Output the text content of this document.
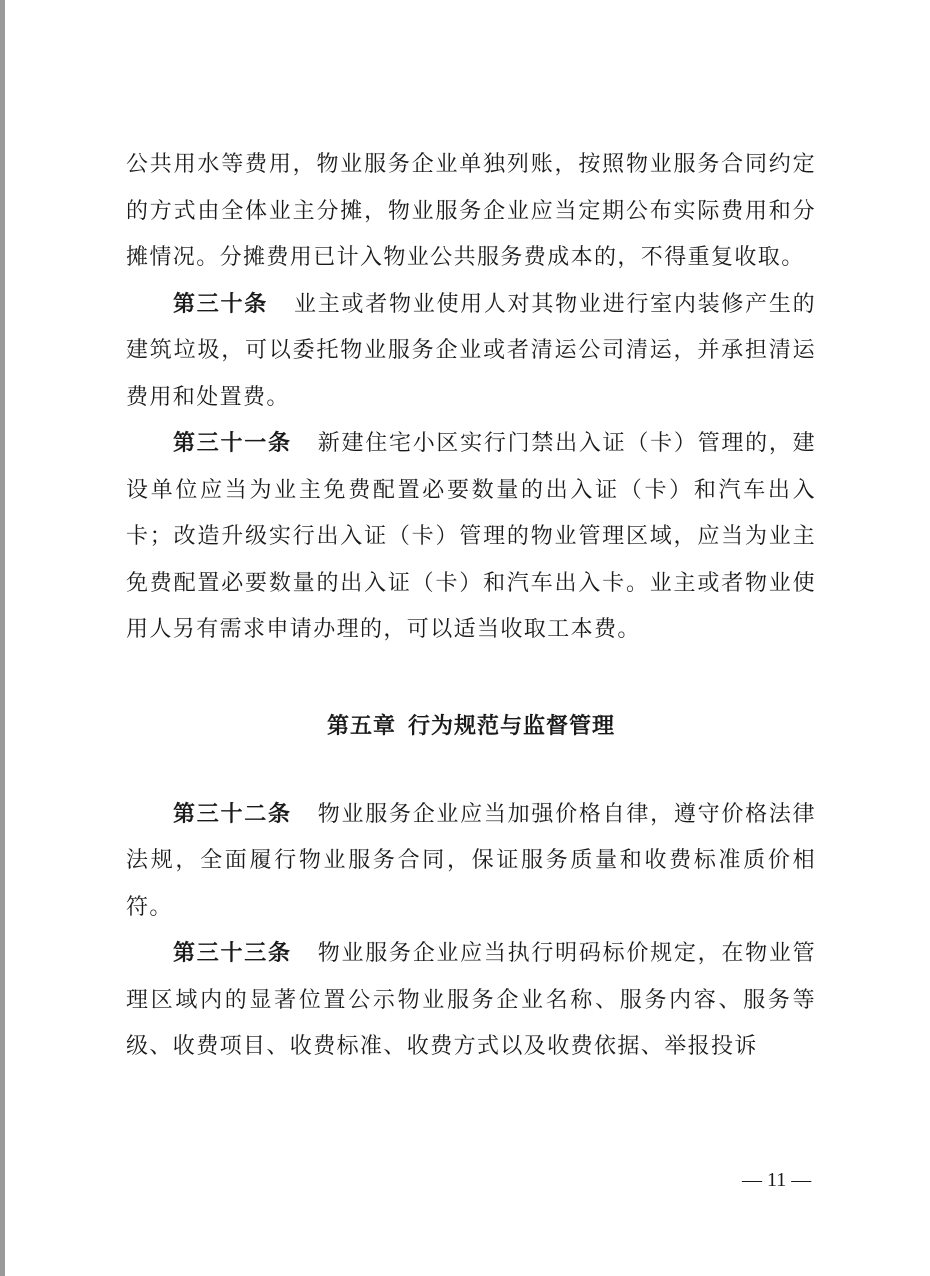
公共用水等费用，物业服务企业单独列账，按照物业服务合同约定的方式由全体业主分摊，物业服务企业应当定期公布实际费用和分摊情况。分摊费用已计入物业公共服务费成本的，不得重复收取。

第三十条 业主或者物业使用人对其物业进行室内装修产生的建筑垃圾，可以委托物业服务企业或者清运公司清运，并承担清运费用和处置费。

第三十一条 新建住宅小区实行门禁出入证（卡）管理的，建设单位应当为业主免费配置必要数量的出入证（卡）和汽车出入卡；改造升级实行出入证（卡）管理的物业管理区域，应当为业主免费配置必要数量的出入证（卡）和汽车出入卡。业主或者物业使用人另有需求申请办理的，可以适当收取工本费。

第五章 行为规范与监督管理

第三十二条 物业服务企业应当加强价格自律，遵守价格法律法规，全面履行物业服务合同，保证服务质量和收费标准质价相符。

第三十三条 物业服务企业应当执行明码标价规定，在物业管理区域内的显著位置公示物业服务企业名称、服务内容、服务等级、收费项目、收费标准、收费方式以及收费依据、举报投诉

— 11 —
